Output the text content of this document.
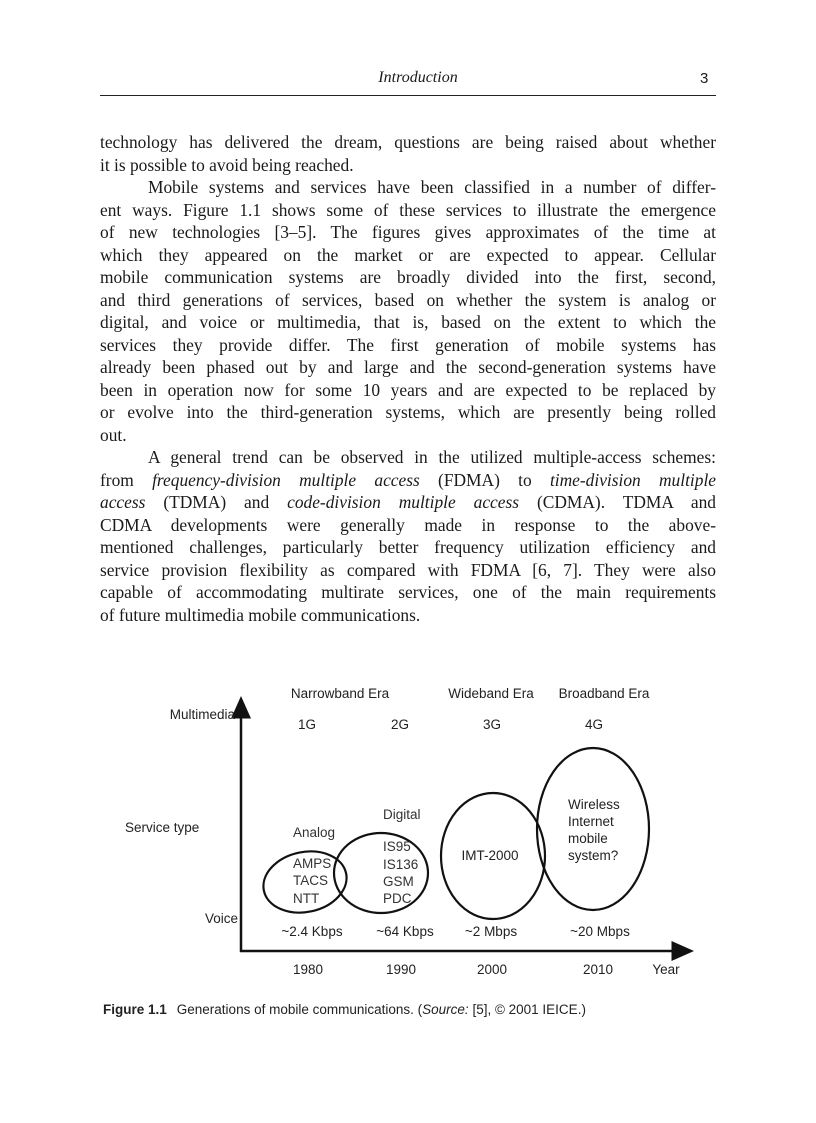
Introduction	3
technology has delivered the dream, questions are being raised about whether
it is possible to avoid being reached.
Mobile systems and services have been classified in a number of differ-
ent ways. Figure 1.1 shows some of these services to illustrate the emergence
of new technologies [3–5]. The figures gives approximates of the time at
which they appeared on the market or are expected to appear. Cellular
mobile communication systems are broadly divided into the first, second,
and third generations of services, based on whether the system is analog or
digital, and voice or multimedia, that is, based on the extent to which the
services they provide differ. The first generation of mobile systems has
already been phased out by and large and the second-generation systems have
been in operation now for some 10 years and are expected to be replaced by
or evolve into the third-generation systems, which are presently being rolled
out.
A general trend can be observed in the utilized multiple-access schemes:
from frequency-division multiple access (FDMA) to time-division multiple
access (TDMA) and code-division multiple access (CDMA). TDMA and
CDMA developments were generally made in response to the above-
mentioned challenges, particularly better frequency utilization efficiency and
service provision flexibility as compared with FDMA [6, 7]. They were also
capable of accommodating multirate services, one of the main requirements
of future multimedia mobile communications.
Narrowband Era	Wideband Era Broadband Era
1G	2G	3G	4G
Multimedia
Service type
Voice
Analog
AMPS
TACS
NTT
Digital
IS95
IS136
GSM
PDC
IMT-2000
Wireless
Internet
mobile
system?
~2.4 Kbps ~64 Kbps ~2 Mbps	~20 Mbps
1980	1990	2000	2010	Year
Figure 1.1 Generations of mobile communications. (Source: [5], © 2001 IEICE.)
